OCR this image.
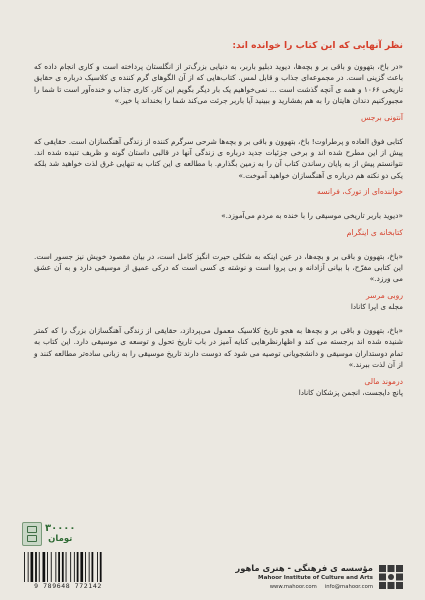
نظر آنهایی که این کتاب را خوانده اند:

«در باخ، بتهوون و باقی بر و بچه‌ها، دیوید دبلیو باربر، به دنیایی بزرگ‌تر از انگلستان پرداخته است و کاری انجام داده که باعث گزینی است. در مجموعه‌ای جذاب و قابل لمس. کتاب‌هایی که از آن الگوهای گرم کننده ی کلاسیک درباره ی حقایق تاریخی ۱۰۶۶ و همه ی آنچه گذشت است ... نمی‌خواهیم یک بار دیگر بگویم این کار، کاری جذاب و خنده‌آور است تا شما را مجبورکنیم دندان هایتان را به هم بفشارید و ببینید آیا باربر جرئت می‌کند شما را بخنداند یا خیر.»

آنتونی برجس

کتابی فوق العاده و پرطراوت! باخ، بتهوون و باقی بر و بچه‌ها شرحی سرگرم کننده از زندگی آهنگسازان است. حقایقی که پیش از این مطرح شده اند و برخی جزئیات جدید درباره ی زندگی آنها در قالبی داستان گونه و ظریف تنیده شده اند. نتوانستم پیش از به پایان رساندن کتاب آن را به زمین بگذارم. با مطالعه ی این کتاب به تنهایی غرق لذت خواهید شد بلکه یکی دو نکته هم درباره ی آهنگسازان خواهید آموخت.»

خواننده‌ای از تورک، فرانسه

«دیوید باربر تاریخی موسیقی را با خنده به مردم می‌آموزد.»

کتابخانه ی اینگرام

«باخ، بتهوون و باقی بر و بچه‌ها، در عین اینکه به شکلی حیرت انگیز کامل است، در بیان مقصود خویش نیز جسور است. این کتابی مفرّح، با بیانی آزادانه و بی پروا است و نوشته ی کسی است که درکی عمیق از موسیقی دارد و به آن عشق می ورزد.»

روبی مرسر

مجله ی اپرا کانادا

«باخ، بتهوون و باقی بر و بچه‌ها به هجو تاریخ کلاسیک معمول می‌پردازد، حقایقی از زندگی آهنگسازان بزرگ را که کمتر شنیده شده اند برجسته می کند و اظهارنظرهایی کنایه آمیز در باب تاریخ تحول و توسعه ی موسیقی دارد. این کتاب به تمام دوستداران موسیقی و دانشجویانی توصیه می شود که دوست دارند تاریخ موسیقی را به زبانی ساده‌تر مطالعه کنند و از آن لذت ببرند.»

درموند مالی

پانچ دایجست، انجمن پزشکان کانادا

۳۰۰۰۰
تومان
9 789648 772142
مؤسسه ی فرهنگی - هنری ماهور
Mahoor Institute of Culture and Arts
www.mahoor.com info@mahoor.com
